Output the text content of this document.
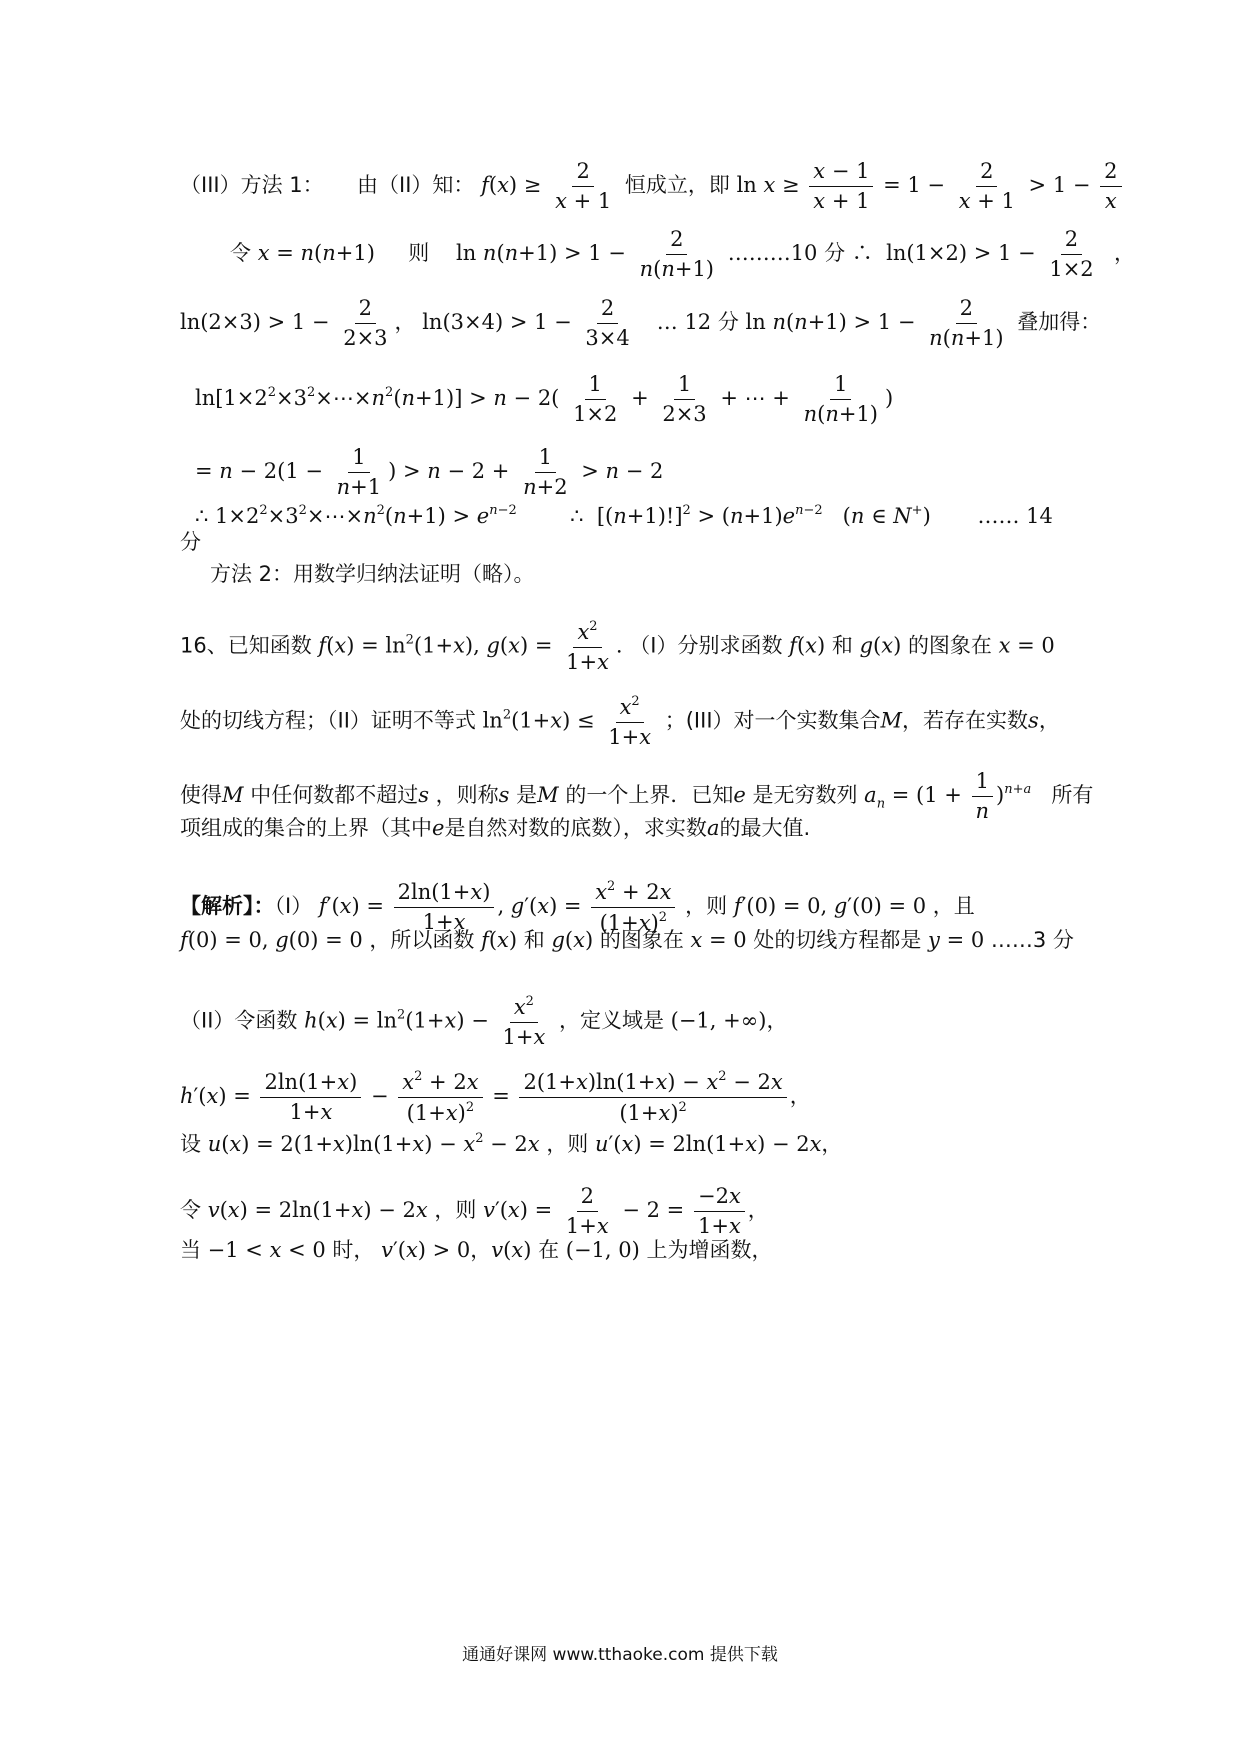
（III）方法 1： 由（II）知： $f(x) \ge \frac{2}{x + 1}$ 恒成立，即 $\ln x \ge \frac{x - 1}{x + 1} = 1 - \frac{2}{x + 1} > 1 - \frac{2}{x}$
令 x = n(n+1)     则    $\ln n(n+1) > 1 - \frac{2}{n(n+1)}$ ………10 分 ∴  $\ln(1\times 2) > 1 - \frac{2}{1\times 2}$ ，
$\ln(2\times 3) > 1 - \frac{2}{2\times 3}$ ， $\ln(3\times 4) > 1 - \frac{2}{3\times 4}$ … 12 分 $\ln n(n+1) > 1 - \frac{2}{n(n+1)}$ 叠加得：
$\ln[1\times 2^2\times 3^2\times\cdots\times n^2(n+1)] > n - 2( \frac{1}{1\times 2} + \frac{1}{2\times 3}$ + ⋯ + $\frac{1}{n(n+1)}$ )
= $n - 2(1 - \frac{1}{n+1}$ ) > $n - 2 + \frac{1}{n+2} > n - 2$
∴ $1\times 2^2\times 3^2\times\cdots\times n^2(n+1) > e^{n-2}$        ∴  $[(n+1)!]^2 > (n+1)e^{n-2}$   (n ∈ N+)       …… 14
分
方法 2：用数学归纳法证明（略）。
16、已知函数 $f(x) = \ln^2(1+x)$, $g(x) = \frac{x^2}{1+x}$ . （I）分别求函数 f(x) 和 g(x) 的图象在 x = 0
处的切线方程；（II）证明不等式 $\ln^2(1+x) \le \frac{x^2}{1+x}$ ；(III）对一个实数集合M，若存在实数s，
使得M 中任何数都不超过s ，则称s 是M 的一个上界．已知e 是无穷数列 $a_n = (1 + \frac{1}{n} )^{n+a}$ 所有
项组成的集合的上界（其中e是自然对数的底数），求实数a的最大值.
【解析】：（I） $f'(x) = \frac{2\ln(1+x)}{1+x}$ , $g'(x) = \frac{x^2 + 2x}{(1+x)^2}$ ，则 f′(0) = 0, g′(0) = 0 ，且
f(0) = 0, g(0) = 0 ，所以函数 f(x) 和 g(x) 的图象在 x = 0 处的切线方程都是 y = 0 ……3 分
（II）令函数 $h(x) = \ln^2(1+x) - \frac{x^2}{1+x}$ ，定义域是 (−1, +∞)，
$h'(x) = \frac{2\ln(1+x)}{1+x} - \frac{x^2 + 2x}{(1+x)^2} = \frac{2(1+x)\ln(1+x) - x^2 - 2x}{(1+x)^2}$ ，
设 $u(x) = 2(1+x)\ln(1+x) - x^2 - 2x$ ，则 u′(x) = 2ln(1+x) − 2x，
令 v(x) = 2ln(1+x) − 2x ，则 $v'(x) = \frac{2}{1+x} - 2 = \frac{-2x}{1+x}$ ，
当 −1 < x < 0 时， v′(x) > 0，v(x) 在 (−1, 0) 上为增函数，
通通好课网 www.tthaoke.com 提供下载
